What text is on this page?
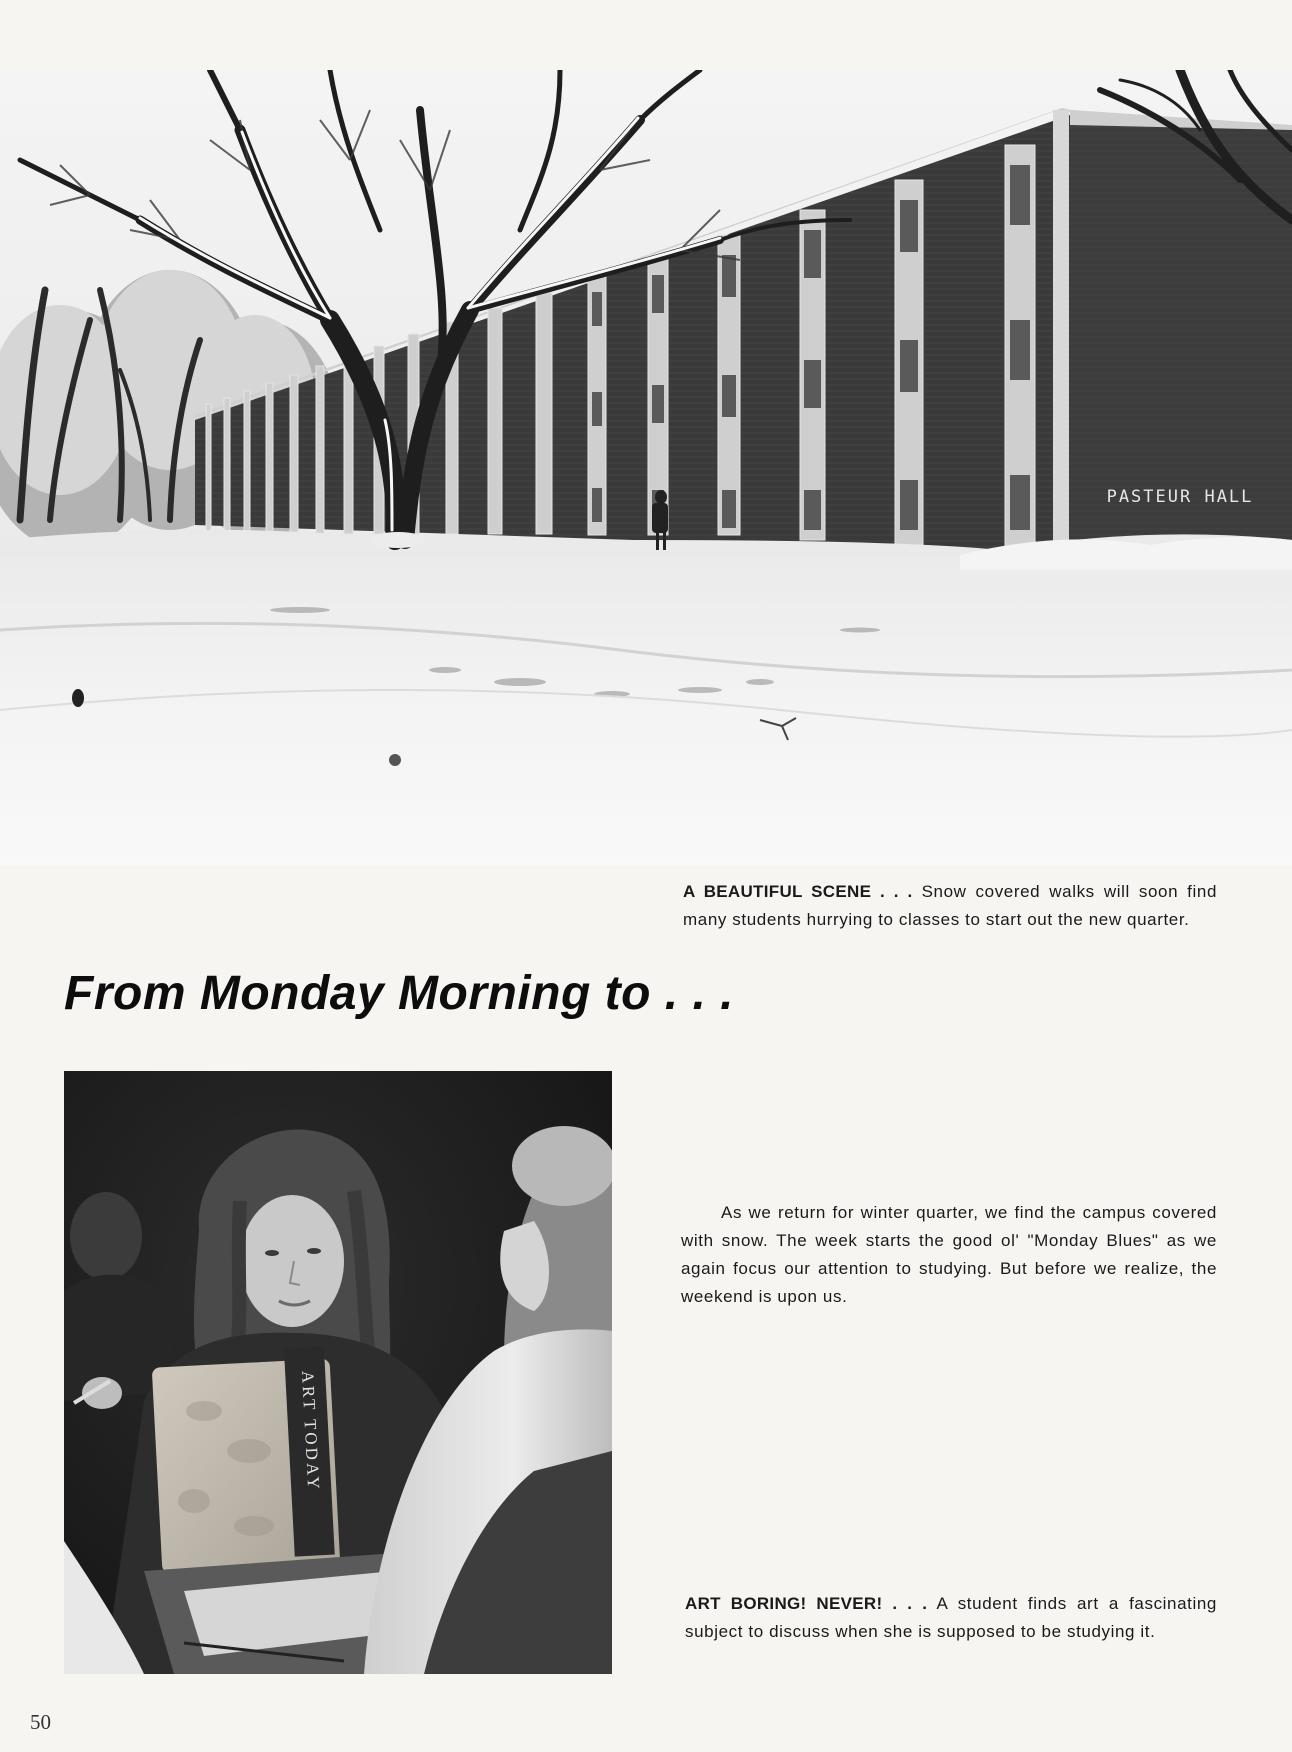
PASTEUR HALL
A BEAUTIFUL SCENE . . . Snow covered walks will soon find many students hurrying to classes to start out the new quarter.
From Monday Morning to . . .
ART TODAY

As we return for winter quarter, we find the campus covered with snow. The week starts the good ol' "Monday Blues" as we again focus our attention to studying. But before we realize, the weekend is upon us.

ART BORING! NEVER! . . . A student finds art a fascinating subject to discuss when she is supposed to be studying it.
50
